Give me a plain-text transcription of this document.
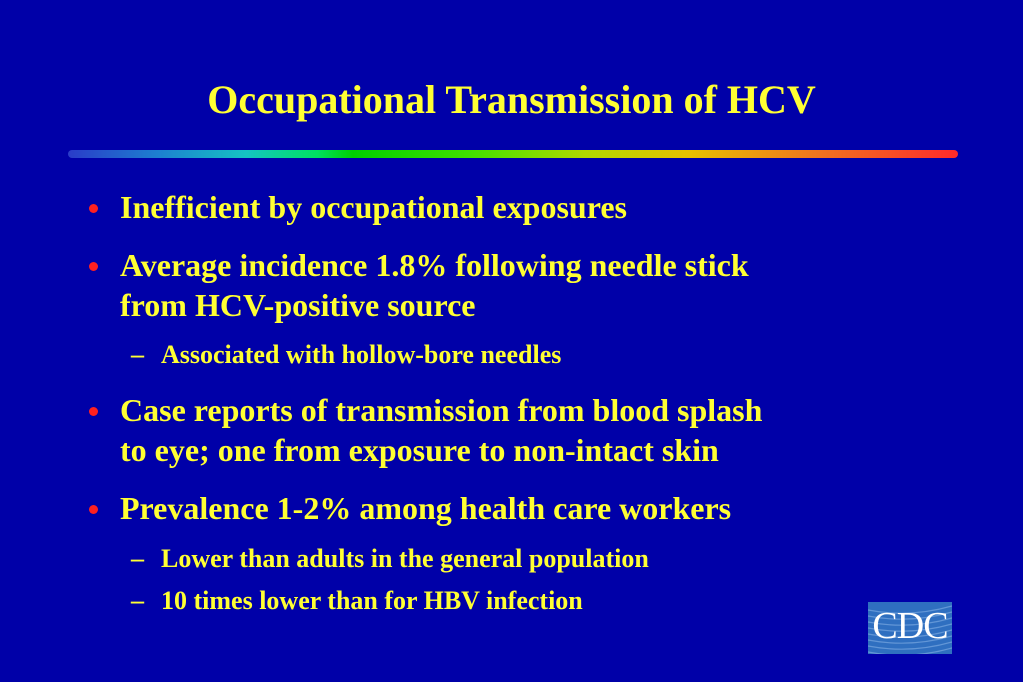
Occupational Transmission of HCV

Inefficient by occupational exposures

Average incidence 1.8% following needle stick
from HCV-positive source

– Associated with hollow-bore needles

Case reports of transmission from blood splash
to eye; one from exposure to non-intact skin

Prevalence 1-2% among health care workers

– Lower than adults in the general population

– 10 times lower than for HBV infection

CDC
